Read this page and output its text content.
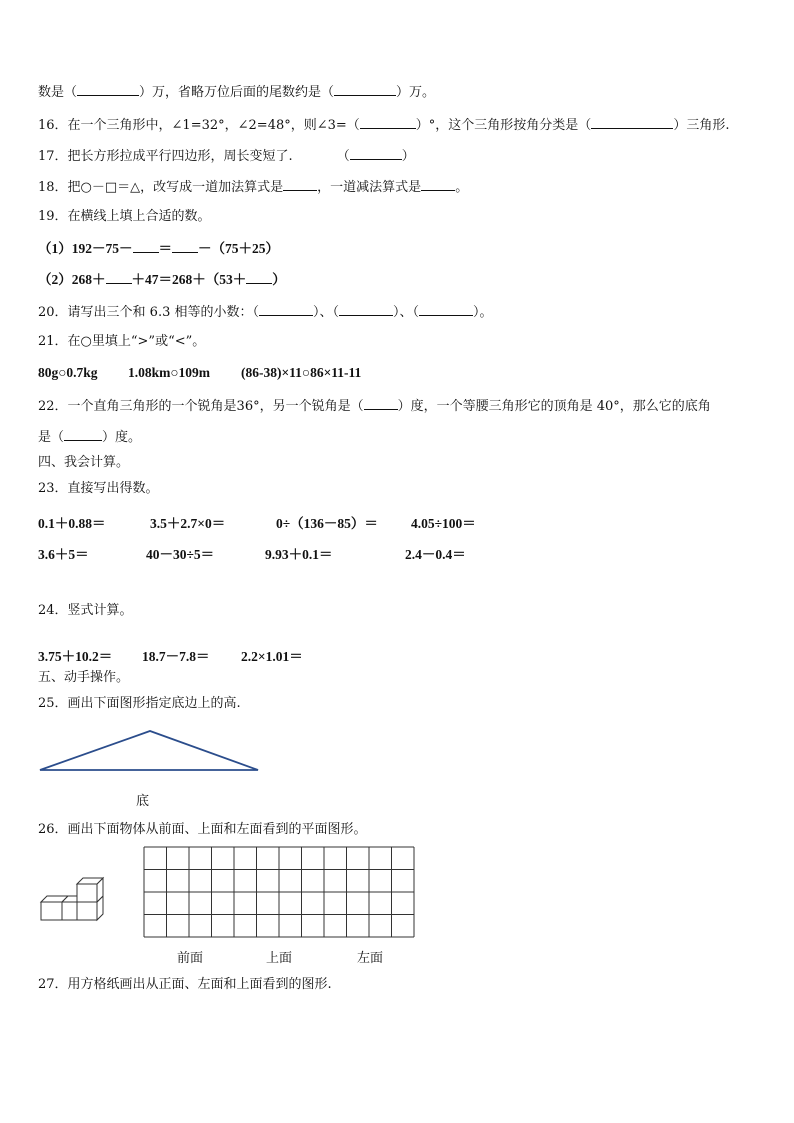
数是（	）万，省略万位后面的尾数约是（	）万。
16．在一个三角形中，∠1=32°，∠2=48°，则∠3=（	）°，这个三角形按角分类是（	）三角形.
17．把长方形拉成平行四边形，周长变短了.	（	）
18．把○－□＝△，改写成一道加法算式是	，一道减法算式是	。
19．在横线上填上合适的数。
（1）192－75－ ＝ －（75＋25）
（2）268＋ ＋47＝268＋（53＋ ）
20．请写出三个和 6.3 相等的小数：（	）、（	）、（	）。
21．在○里填上“>”或“<”。
80g○0.7kg 1.08km○109m (86-38)×11○86×11-11
22．一个直角三角形的一个锐角是36°，另一个锐角是（	）度，一个等腰三角形它的顶角是 40°，那么它的底角
是（	）度。
四、我会计算。
23．直接写出得数。
0.1＋0.88＝	3.5＋2.7×0＝	0÷（136－85）＝ 4.05÷100＝
3.6＋5＝	40－30÷5＝	9.93＋0.1＝	2.4－0.4＝
24．竖式计算。
3.75＋10.2＝ 18.7－7.8＝ 2.2×1.01＝
五、动手操作。
25．画出下面图形指定底边上的高.
底
26．画出下面物体从前面、上面和左面看到的平面图形。
前面	上面	左面
27．用方格纸画出从正面、左面和上面看到的图形.
